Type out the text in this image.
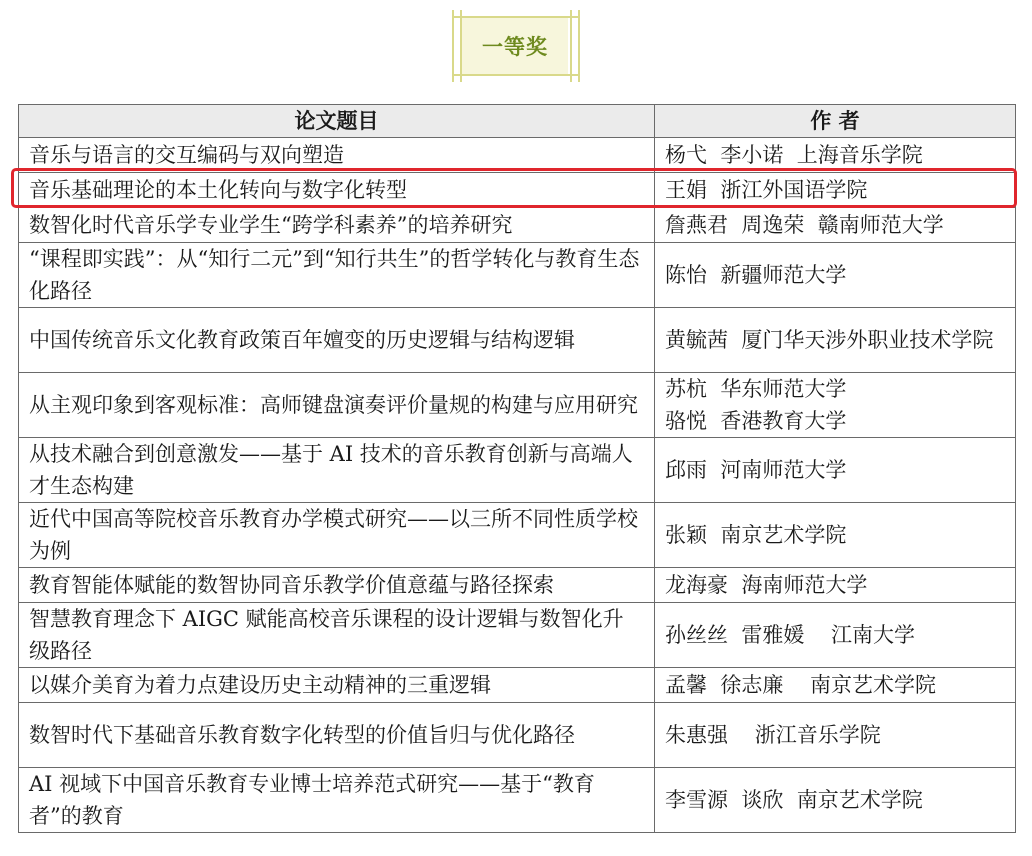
一等奖
论文题目	作 者
音乐与语言的交互编码与双向塑造	杨弋  李小诺  上海音乐学院

音乐基础理论的本土化转向与数字化转型	王娟  浙江外国语学院

数智化时代音乐学专业学生“跨学科素养”的培养研究	詹燕君  周逸荣  赣南师范大学

“课程即实践”：从“知行二元”到“知行共生”的哲学转化与教育生态化路径	陈怡  新疆师范大学

中国传统音乐文化教育政策百年嬗变的历史逻辑与结构逻辑	黄毓茜  厦门华天涉外职业技术学院

从主观印象到客观标准：高师键盘演奏评价量规的构建与应用研究	苏杭  华东师范大学
骆悦  香港教育大学

从技术融合到创意激发——基于 AI 技术的音乐教育创新与高端人才生态构建	邱雨  河南师范大学

近代中国高等院校音乐教育办学模式研究——以三所不同性质学校为例	张颖  南京艺术学院

教育智能体赋能的数智协同音乐教学价值意蕴与路径探索	龙海豪  海南师范大学

智慧教育理念下 AIGC 赋能高校音乐课程的设计逻辑与数智化升级路径	孙丝丝  雷雅媛    江南大学

以媒介美育为着力点建设历史主动精神的三重逻辑	孟馨  徐志廉    南京艺术学院

数智时代下基础音乐教育数字化转型的价值旨归与优化路径	朱惠强    浙江音乐学院

AI 视域下中国音乐教育专业博士培养范式研究——基于“教育者”的教育	李雪源  谈欣  南京艺术学院
